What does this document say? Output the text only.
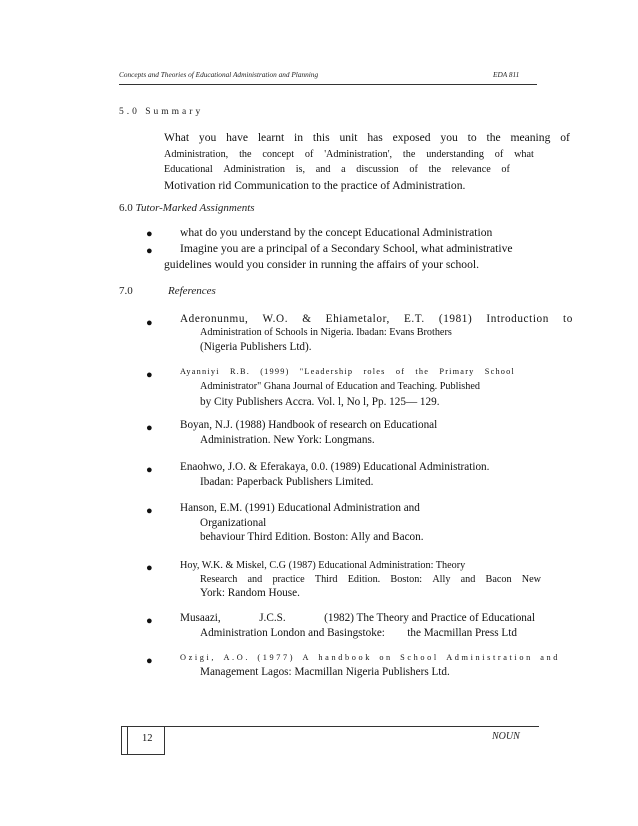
Concepts and Theories of Educational Administration and Planning	EDA 811
5.0 Summary
What you have learnt in this unit has exposed you to the meaning of
Administration, the concept of 'Administration', the understanding of what
Educational Administration is, and a discussion of the relevance of
Motivation rid Communication to the practice of Administration.
6.0 Tutor-Marked Assignments
● what do you understand by the concept Educational Administration
● Imagine you are a principal of a Secondary School, what administrative
guidelines would you consider in running the affairs of your school.
7.0	References
● Aderonunmu, W.O. & Ehiametalor, E.T. (1981) Introduction to
Administration of Schools in Nigeria. Ibadan: Evans Brothers
(Nigeria Publishers Ltd).
●	Ayanniyi R.B. (1999) "Leadership roles of the Primary School
Administrator" Ghana Journal of Education and Teaching. Published
by City Publishers Accra. Vol. l, No l, Pp. 125— 129.
● Boyan, N.J. (1988) Handbook of research on Educational
Administration. New York: Longmans.
● Enaohwo, J.O. & Eferakaya, 0.0. (1989) Educational Administration.
Ibadan: Paperback Publishers Limited.
● Hanson, E.M. (1991) Educational Administration and
Organizational
behaviour Third Edition. Boston: Ally and Bacon.
●	Hoy, W.K. & Miskel, C.G (1987) Educational Administration: Theory
Research and practice Third Edition. Boston: Ally and Bacon New
York: Random House.
● Musaazi,	J.C.S.	(1982) The Theory and Practice of Educational
Administration London and Basingstoke:        the Macmillan Press Ltd
●	Ozigi, A.O. (1977) A handbook on School Administration and
Management Lagos: Macmillan Nigeria Publishers Ltd.
12	NOUN
